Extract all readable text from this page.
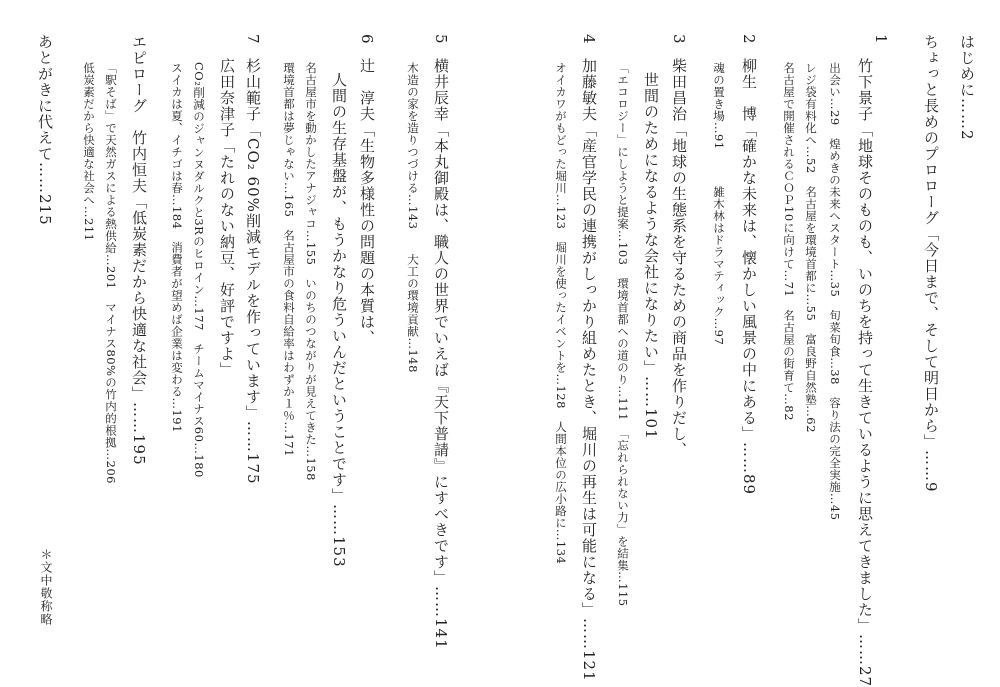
はじめに……2
ちょっと長めのプロローグ「今日まで、そして明日から」……9
1
竹下景子「地球そのものも、いのちを持って生きているように思えてきました」……27
出会い…29　煌めきの未来へスタート…35　旬菜旬食…38　容り法の完全実施…45
レジ袋有料化へ…52　名古屋を環境首都に…55　富良野自然塾…62
名古屋で開催されるＣＯＰ10に向けて…71　名古屋の街育て…82
2
柳生　博「確かな未来は、懐かしい風景の中にある」……89
魂の置き場…91　　　雑木林はドラマティック…97
3
柴田昌治「地球の生態系を守るための商品を作りだし、
世間のためになるような会社になりたい」……101
「エコロジー」にしようと提案…103　環境首都への道のり…111　「忘れられない力」を結集…115
4
加藤敏夫「産官学民の連携がしっかり組めたとき、堀川の再生は可能になる」……121
オイカワがもどった堀川…123　堀川を使ったイベントを…128　人間本位の広小路に…134
5
横井辰幸「本丸御殿は、職人の世界でいえば『天下普請』にすべきです」……141
木造の家を造りつづける…143　　大工の環境貢献…148
6
辻　淳夫「生物多様性の問題の本質は、
人間の生存基盤が、もうかなり危ういんだということです」……153
名古屋市を動かしたアナジャコ…155　いのちのつながりが見えてきた…158
環境首都は夢じゃない…165　名古屋市の食料自給率はわずか１％…171
7
杉山範子「CO₂ 60%削減モデルを作っています」……175
広田奈津子「たれのない納豆、好評ですよ」
CO₂削減のジャンヌダルクと3Rのヒロイン…177　チームマイナス60…180
スイカは夏、イチゴは春…184　消費者が望めば企業は変わる…191
エピローグ　竹内恒夫「低炭素だから快適な社会」……195
「駅そば」で天然ガスによる熱供給…201　マイナス80%の竹内的根拠…206
低炭素だから快適な社会へ…211
あとがきに代えて……215
＊文中敬称略
